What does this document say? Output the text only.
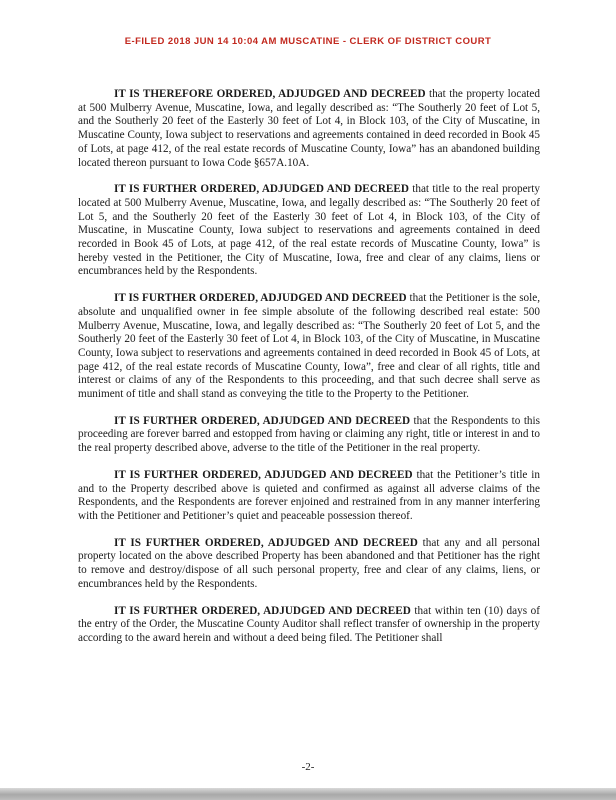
E-FILED 2018 JUN 14 10:04 AM MUSCATINE - CLERK OF DISTRICT COURT

IT IS THEREFORE ORDERED, ADJUDGED AND DECREED that the property located at 500 Mulberry Avenue, Muscatine, Iowa, and legally described as: “The Southerly 20 feet of Lot 5, and the Southerly 20 feet of the Easterly 30 feet of Lot 4, in Block 103, of the City of Muscatine, in Muscatine County, Iowa subject to reservations and agreements contained in deed recorded in Book 45 of Lots, at page 412, of the real estate records of Muscatine County, Iowa” has an abandoned building located thereon pursuant to Iowa Code §657A.10A.

IT IS FURTHER ORDERED, ADJUDGED AND DECREED that title to the real property located at 500 Mulberry Avenue, Muscatine, Iowa, and legally described as: “The Southerly 20 feet of Lot 5, and the Southerly 20 feet of the Easterly 30 feet of Lot 4, in Block 103, of the City of Muscatine, in Muscatine County, Iowa subject to reservations and agreements contained in deed recorded in Book 45 of Lots, at page 412, of the real estate records of Muscatine County, Iowa” is hereby vested in the Petitioner, the City of Muscatine, Iowa, free and clear of any claims, liens or encumbrances held by the Respondents.

IT IS FURTHER ORDERED, ADJUDGED AND DECREED that the Petitioner is the sole, absolute and unqualified owner in fee simple absolute of the following described real estate: 500 Mulberry Avenue, Muscatine, Iowa, and legally described as: “The Southerly 20 feet of Lot 5, and the Southerly 20 feet of the Easterly 30 feet of Lot 4, in Block 103, of the City of Muscatine, in Muscatine County, Iowa subject to reservations and agreements contained in deed recorded in Book 45 of Lots, at page 412, of the real estate records of Muscatine County, Iowa”, free and clear of all rights, title and interest or claims of any of the Respondents to this proceeding, and that such decree shall serve as muniment of title and shall stand as conveying the title to the Property to the Petitioner.

IT IS FURTHER ORDERED, ADJUDGED AND DECREED that the Respondents to this proceeding are forever barred and estopped from having or claiming any right, title or interest in and to the real property described above, adverse to the title of the Petitioner in the real property.

IT IS FURTHER ORDERED, ADJUDGED AND DECREED that the Petitioner’s title in and to the Property described above is quieted and confirmed as against all adverse claims of the Respondents, and the Respondents are forever enjoined and restrained from in any manner interfering with the Petitioner and Petitioner’s quiet and peaceable possession thereof.

IT IS FURTHER ORDERED, ADJUDGED AND DECREED that any and all personal property located on the above described Property has been abandoned and that Petitioner has the right to remove and destroy/dispose of all such personal property, free and clear of any claims, liens, or encumbrances held by the Respondents.

IT IS FURTHER ORDERED, ADJUDGED AND DECREED that within ten (10) days of the entry of the Order, the Muscatine County Auditor shall reflect transfer of ownership in the property according to the award herein and without a deed being filed. The Petitioner shall

-2-
